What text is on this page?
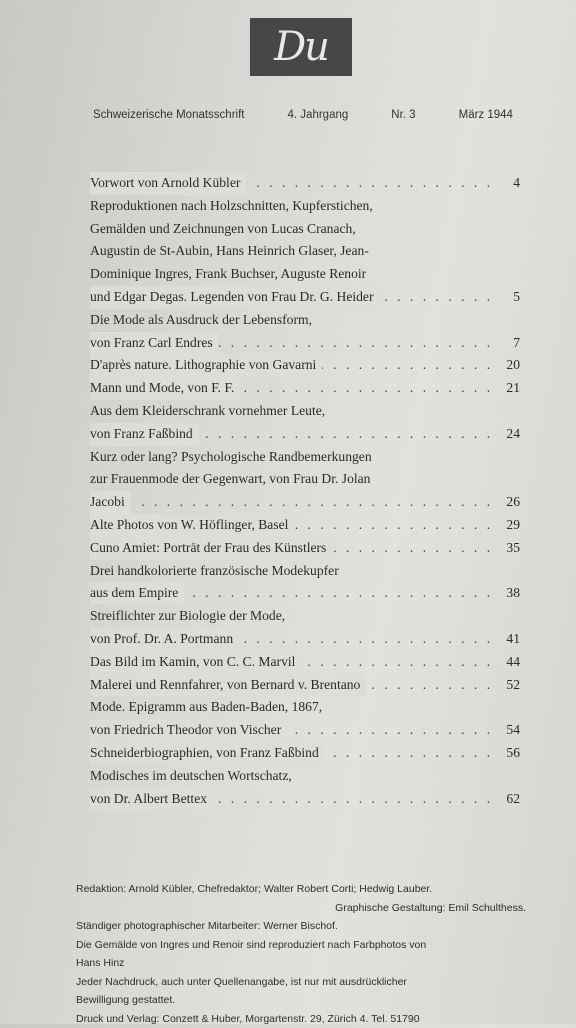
Du
Schweizerische Monatsschrift	4. Jahrgang	Nr. 3	März 1944
. . .
Vorwort von Arnold Kübler	4
Reproduktionen nach Holzschnitten, Kupferstichen,
Gemälden und Zeichnungen von Lucas Cranach,
Augustin de St-Aubin, Hans Heinrich Glaser, Jean-
Dominique Ingres, Frank Buchser, Auguste Renoir
. . .
und Edgar Degas. Legenden von Frau Dr. G. Heider	5
Die Mode als Ausdruck der Lebensform,
. . .
von Franz Carl Endres	7
. . .
D'après nature. Lithographie von Gavarni	20
. . .
Mann und Mode, von F. F.	21
Aus dem Kleiderschrank vornehmer Leute,
. . .
von Franz Faßbind	24
Kurz oder lang? Psychologische Randbemerkungen
zur Frauenmode der Gegenwart, von Frau Dr. Jolan
. . .
Jacobi	26
. . .
Alte Photos von W. Höflinger, Basel	29
. . .
Cuno Amiet: Porträt der Frau des Künstlers	35
Drei handkolorierte französische Modekupfer
. . .
aus dem Empire	38
Streiflichter zur Biologie der Mode,
. . .
von Prof. Dr. A. Portmann	41
. . .
Das Bild im Kamin, von C. C. Marvil	44
. . .
Malerei und Rennfahrer, von Bernard v. Brentano	52
Mode. Epigramm aus Baden-Baden, 1867,
. . .
von Friedrich Theodor von Vischer	54
. . .
Schneiderbiographien, von Franz Faßbind	56
Modisches im deutschen Wortschatz,
. . .
von Dr. Albert Bettex	62
Redaktion: Arnold Kübler, Chefredaktor; Walter Robert Corti; Hedwig Lauber.
Graphische Gestaltung: Emil Schulthess.
Ständiger photographischer Mitarbeiter: Werner Bischof.
Die Gemälde von Ingres und Renoir sind reproduziert nach Farbphotos von
Hans Hinz
Jeder Nachdruck, auch unter Quellenangabe, ist nur mit ausdrücklicher
Bewilligung gestattet.
Druck und Verlag: Conzett & Huber, Morgartenstr. 29, Zürich 4. Tel. 51790
